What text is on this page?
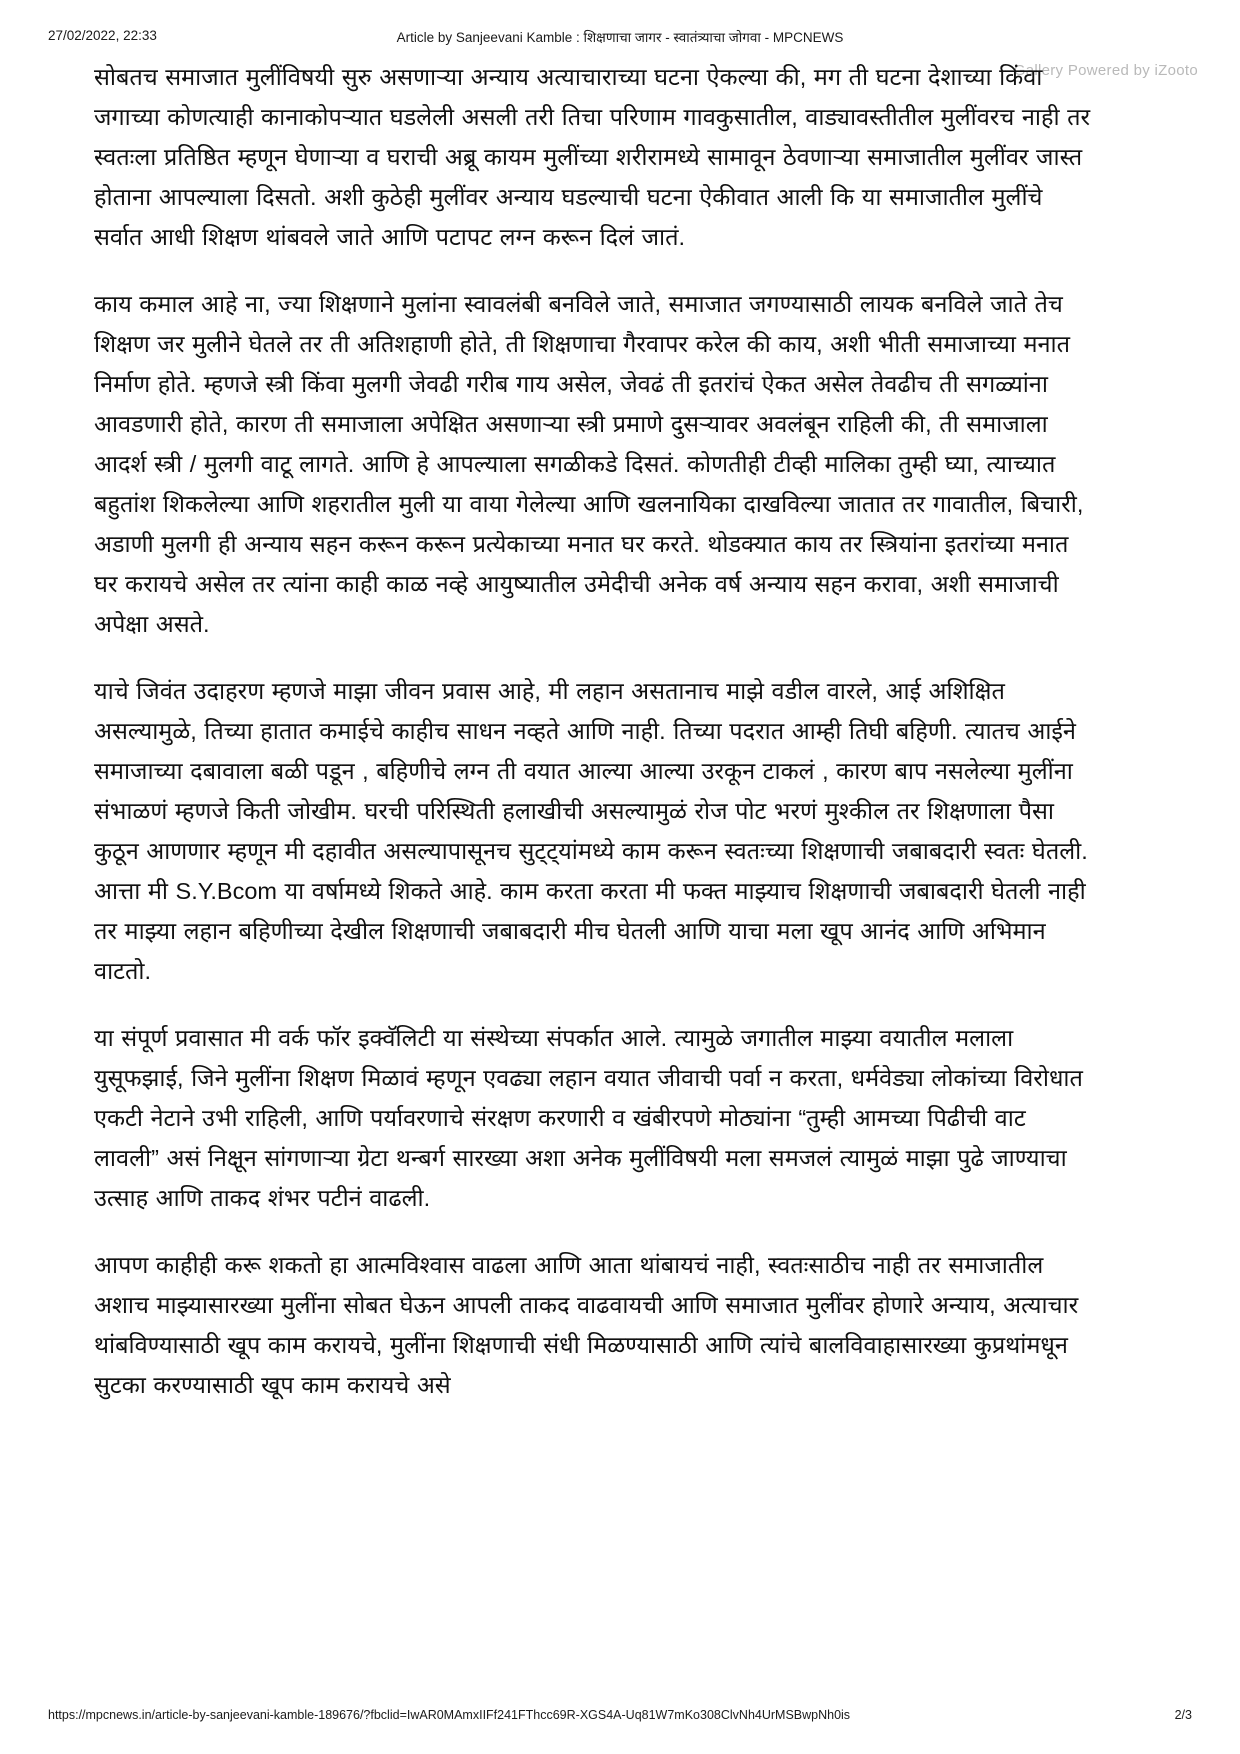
27/02/2022, 22:33	Article by Sanjeevani Kamble : शिक्षणाचा जागर - स्वातंत्र्याचा जोगवा - MPCNEWS
Gallery Powered by iZooto

सोबतच समाजात मुलींविषयी सुरु असणाऱ्या अन्याय अत्याचाराच्या घटना ऐकल्या की, मग ती घटना देशाच्या किंवा जगाच्या कोणत्याही कानाकोपऱ्यात घडलेली असली तरी तिचा परिणाम गावकुसातील, वाड्यावस्तीतील मुलींवरच नाही तर स्वतःला प्रतिष्ठित म्हणून घेणाऱ्या व घराची अब्रू कायम मुलींच्या शरीरामध्ये सामावून ठेवणाऱ्या समाजातील मुलींवर जास्त होताना आपल्याला दिसतो. अशी कुठेही मुलींवर अन्याय घडल्याची घटना ऐकीवात आली कि या समाजातील मुलींचे सर्वात आधी शिक्षण थांबवले जाते आणि पटापट लग्न करून दिलं जातं.

काय कमाल आहे ना, ज्या शिक्षणाने मुलांना स्वावलंबी बनविले जाते, समाजात जगण्यासाठी लायक बनविले जाते तेच शिक्षण जर मुलीने घेतले तर ती अतिशहाणी होते, ती शिक्षणाचा गैरवापर करेल की काय, अशी भीती समाजाच्या मनात निर्माण होते. म्हणजे स्त्री किंवा मुलगी जेवढी गरीब गाय असेल, जेवढं ती इतरांचं ऐकत असेल तेवढीच ती सगळ्यांना आवडणारी होते, कारण ती समाजाला अपेक्षित असणाऱ्या स्त्री प्रमाणे दुसऱ्यावर अवलंबून राहिली की, ती समाजाला आदर्श स्त्री / मुलगी वाटू लागते. आणि हे आपल्याला सगळीकडे दिसतं. कोणतीही टीव्ही मालिका तुम्ही घ्या, त्याच्यात बहुतांश शिकलेल्या आणि शहरातील मुली या वाया गेलेल्या आणि खलनायिका दाखविल्या जातात तर गावातील, बिचारी, अडाणी मुलगी ही अन्याय सहन करून करून प्रत्येकाच्या मनात घर करते. थोडक्यात काय तर स्त्रियांना इतरांच्या मनात घर करायचे असेल तर त्यांना काही काळ नव्हे आयुष्यातील उमेदीची अनेक वर्ष अन्याय सहन करावा, अशी समाजाची अपेक्षा असते.

याचे जिवंत उदाहरण म्हणजे माझा जीवन प्रवास आहे, मी लहान असतानाच माझे वडील वारले, आई अशिक्षित असल्यामुळे, तिच्या हातात कमाईचे काहीच साधन नव्हते आणि नाही. तिच्या पदरात आम्ही तिघी बहिणी. त्यातच आईने समाजाच्या दबावाला बळी पडून , बहिणीचे लग्न ती वयात आल्या आल्या उरकून टाकलं , कारण बाप नसलेल्या मुलींना संभाळणं म्हणजे किती जोखीम. घरची परिस्थिती हलाखीची असल्यामुळं रोज पोट भरणं मुश्कील तर शिक्षणाला पैसा कुठून आणणार म्हणून मी दहावीत असल्यापासूनच सुट्ट्यांमध्ये काम करून स्वतःच्या शिक्षणाची जबाबदारी स्वतः घेतली. आत्ता मी S.Y.Bcom या वर्षामध्ये शिकते आहे. काम करता करता मी फक्त माझ्याच शिक्षणाची जबाबदारी घेतली नाही तर माझ्या लहान बहिणीच्या देखील शिक्षणाची जबाबदारी मीच घेतली आणि याचा मला खूप आनंद आणि अभिमान वाटतो.

या संपूर्ण प्रवासात मी वर्क फॉर इक्वॅलिटी या संस्थेच्या संपर्कात आले. त्यामुळे जगातील माझ्या वयातील मलाला युसूफझाई, जिने मुलींना शिक्षण मिळावं म्हणून एवढ्या लहान वयात जीवाची पर्वा न करता, धर्मवेड्या लोकांच्या विरोधात एकटी नेटाने उभी राहिली, आणि पर्यावरणाचे संरक्षण करणारी व खंबीरपणे मोठ्यांना “तुम्ही आमच्या पिढीची वाट लावली” असं निक्षून सांगणाऱ्या ग्रेटा थन्बर्ग सारख्या अशा अनेक मुलींविषयी मला समजलं त्यामुळं माझा पुढे जाण्याचा उत्साह आणि ताकद शंभर पटीनं वाढली.

आपण काहीही करू शकतो हा आत्मविश्वास वाढला आणि आता थांबायचं नाही, स्वतःसाठीच नाही तर समाजातील अशाच माझ्यासारख्या मुलींना सोबत घेऊन आपली ताकद वाढवायची आणि समाजात मुलींवर होणारे अन्याय, अत्याचार थांबविण्यासाठी खूप काम करायचे, मुलींना शिक्षणाची संधी मिळण्यासाठी आणि त्यांचे बालविवाहासारख्या कुप्रथांमधून सुटका करण्यासाठी खूप काम करायचे असे

https://mpcnews.in/article-by-sanjeevani-kamble-189676/?fbclid=IwAR0MAmxIIFf241FThcc69R-XGS4A-Uq81W7mKo308ClvNh4UrMSBwpNh0is	2/3
